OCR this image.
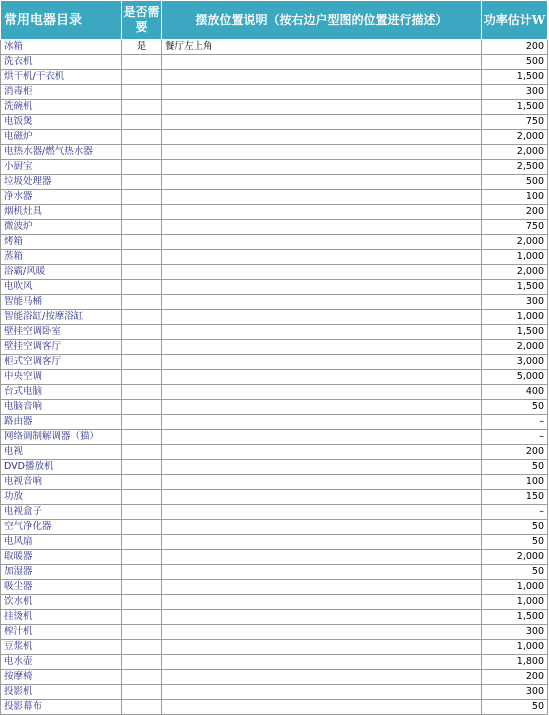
常用电器目录	是否需要	摆放位置说明（按右边户型图的位置进行描述）	功率估计W
冰箱	是	餐厅左上角	200
洗衣机			500
烘干机/干衣机			1,500
消毒柜			300
洗碗机			1,500
电饭煲			750
电磁炉			2,000
电热水器/燃气热水器			2,000
小厨宝			2,500
垃圾处理器			500
净水器			100
烟机灶具			200
微波炉			750
烤箱			2,000
蒸箱			1,000
浴霸/风暖			2,000
电吹风			1,500
智能马桶			300
智能浴缸/按摩浴缸			1,000
壁挂空调卧室			1,500
壁挂空调客厅			2,000
柜式空调客厅			3,000
中央空调			5,000
台式电脑			400
电脑音响			50
路由器			–
网络调制解调器（猫）			–
电视			200
DVD播放机			50
电视音响			100
功放			150
电视盒子			–
空气净化器			50
电风扇			50
取暖器			2,000
加湿器			50
吸尘器			1,000
饮水机			1,000
挂烫机			1,500
榨汁机			300
豆浆机			1,000
电水壶			1,800
按摩椅			200
投影机			300
投影幕布			50
